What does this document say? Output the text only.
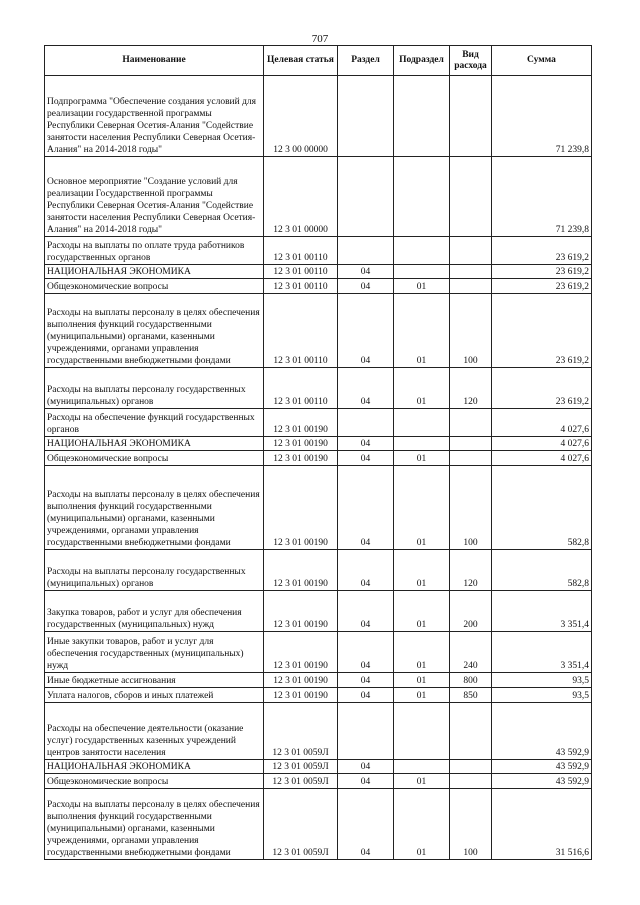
707
Наименование	Целевая статья	Раздел	Подраздел	Вид расхода	Сумма
Подпрограмма "Обеспечение создания условий для реализации государственной программы Республики Северная Осетия-Алания "Содействие занятости населения Республики Северная Осетия-Алания" на 2014-2018 годы"	12 3 00 00000				71 239,8
Основное мероприятие "Создание условий для реализации Государственной программы Республики Северная Осетия-Алания "Содействие занятости населения Республики Северная Осетия-Алания" на 2014-2018 годы"	12 3 01 00000				71 239,8
Расходы на выплаты по оплате труда работников государственных органов	12 3 01 00110				23 619,2
НАЦИОНАЛЬНАЯ ЭКОНОМИКА	12 3 01 00110	04			23 619,2
Общеэкономические вопросы	12 3 01 00110	04	01		23 619,2
Расходы на выплаты персоналу в целях обеспечения выполнения функций государственными (муниципальными) органами, казенными учреждениями, органами управления государственными внебюджетными фондами	12 3 01 00110	04	01	100	23 619,2
Расходы на выплаты персоналу государственных (муниципальных) органов	12 3 01 00110	04	01	120	23 619,2
Расходы на обеспечение функций государственных органов	12 3 01 00190				4 027,6
НАЦИОНАЛЬНАЯ ЭКОНОМИКА	12 3 01 00190	04			4 027,6
Общеэкономические вопросы	12 3 01 00190	04	01		4 027,6
Расходы на выплаты персоналу в целях обеспечения выполнения функций государственными (муниципальными) органами, казенными учреждениями, органами управления государственными внебюджетными фондами	12 3 01 00190	04	01	100	582,8
Расходы на выплаты персоналу государственных (муниципальных) органов	12 3 01 00190	04	01	120	582,8
Закупка товаров, работ и услуг для обеспечения государственных (муниципальных) нужд	12 3 01 00190	04	01	200	3 351,4
Иные закупки товаров, работ и услуг для обеспечения государственных (муниципальных) нужд	12 3 01 00190	04	01	240	3 351,4
Иные бюджетные ассигнования	12 3 01 00190	04	01	800	93,5
Уплата налогов, сборов и иных платежей	12 3 01 00190	04	01	850	93,5
Расходы на обеспечение деятельности (оказание услуг) государственных казенных учреждений центров занятости населения	12 3 01 0059Л				43 592,9
НАЦИОНАЛЬНАЯ ЭКОНОМИКА	12 3 01 0059Л	04			43 592,9
Общеэкономические вопросы	12 3 01 0059Л	04	01		43 592,9
Расходы на выплаты персоналу в целях обеспечения выполнения функций государственными (муниципальными) органами, казенными учреждениями, органами управления государственными внебюджетными фондами	12 3 01 0059Л	04	01	100	31 516,6
